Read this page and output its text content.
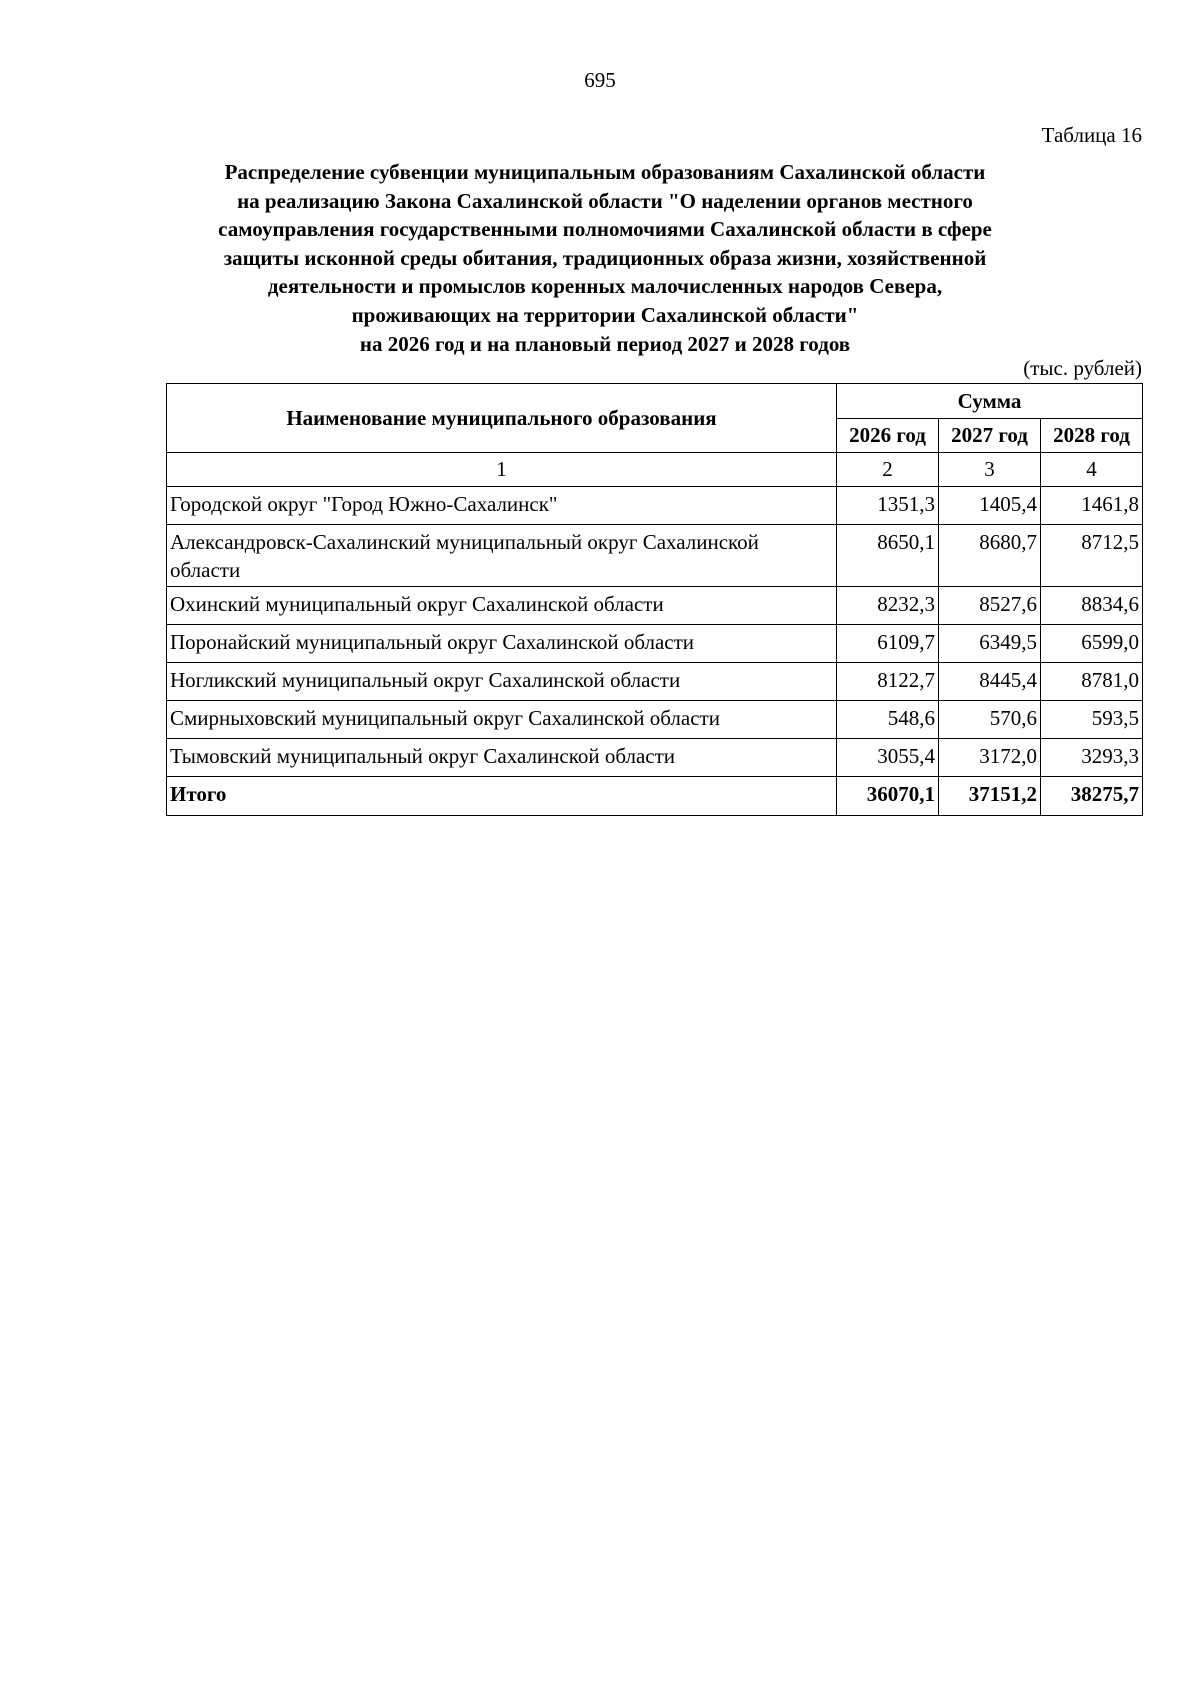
695
Таблица 16
Распределение субвенции муниципальным образованиям Сахалинской области
на реализацию Закона Сахалинской области "О наделении органов местного
самоуправления государственными полномочиями Сахалинской области в сфере
защиты исконной среды обитания, традиционных образа жизни, хозяйственной
деятельности и промыслов коренных малочисленных народов Севера,
проживающих на территории Сахалинской области"
на 2026 год и на плановый период 2027 и 2028 годов
(тыс. рублей)
Наименование муниципального образования	Сумма		
	2026 год	2027 год	2028 год
1	2	3	4
Городской округ "Город Южно-Сахалинск"	1351,3	1405,4	1461,8
Александровск-Сахалинский муниципальный округ Сахалинской области	8650,1	8680,7	8712,5
Охинский муниципальный округ Сахалинской области	8232,3	8527,6	8834,6
Поронайский муниципальный округ Сахалинской области	6109,7	6349,5	6599,0
Ногликский муниципальный округ Сахалинской области	8122,7	8445,4	8781,0
Смирныховский муниципальный округ Сахалинской области	548,6	570,6	593,5
Тымовский муниципальный округ Сахалинской области	3055,4	3172,0	3293,3
Итого	36070,1	37151,2	38275,7
